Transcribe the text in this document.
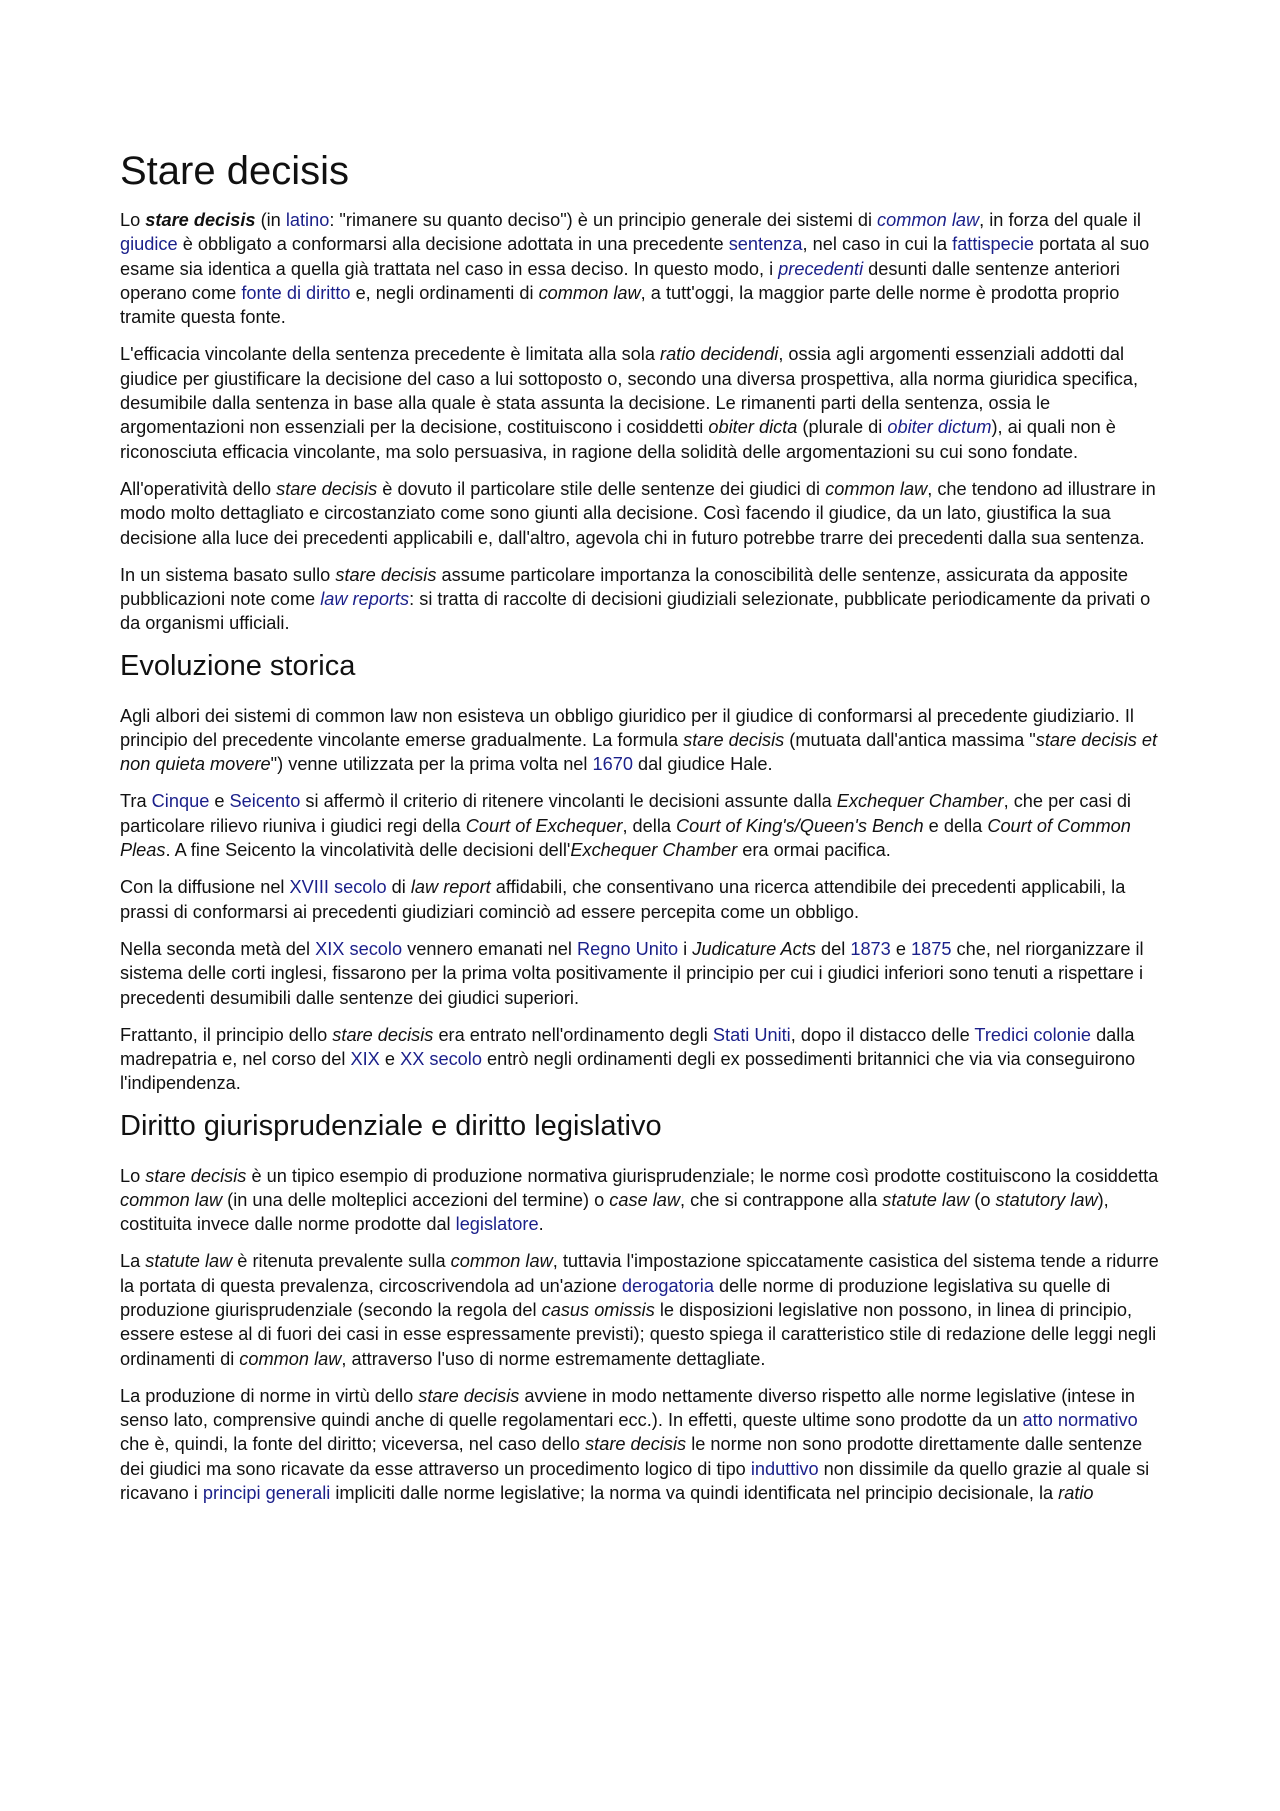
Stare decisis

Lo stare decisis (in latino: "rimanere su quanto deciso") è un principio generale dei sistemi di common law, in forza del quale il giudice è obbligato a conformarsi alla decisione adottata in una precedente sentenza, nel caso in cui la fattispecie portata al suo esame sia identica a quella già trattata nel caso in essa deciso. In questo modo, i precedenti desunti dalle sentenze anteriori operano come fonte di diritto e, negli ordinamenti di common law, a tutt'oggi, la maggior parte delle norme è prodotta proprio tramite questa fonte.

L'efficacia vincolante della sentenza precedente è limitata alla sola ratio decidendi, ossia agli argomenti essenziali addotti dal giudice per giustificare la decisione del caso a lui sottoposto o, secondo una diversa prospettiva, alla norma giuridica specifica, desumibile dalla sentenza in base alla quale è stata assunta la decisione. Le rimanenti parti della sentenza, ossia le argomentazioni non essenziali per la decisione, costituiscono i cosiddetti obiter dicta (plurale di obiter dictum), ai quali non è riconosciuta efficacia vincolante, ma solo persuasiva, in ragione della solidità delle argomentazioni su cui sono fondate.

All'operatività dello stare decisis è dovuto il particolare stile delle sentenze dei giudici di common law, che tendono ad illustrare in modo molto dettagliato e circostanziato come sono giunti alla decisione. Così facendo il giudice, da un lato, giustifica la sua decisione alla luce dei precedenti applicabili e, dall'altro, agevola chi in futuro potrebbe trarre dei precedenti dalla sua sentenza.

In un sistema basato sullo stare decisis assume particolare importanza la conoscibilità delle sentenze, assicurata da apposite pubblicazioni note come law reports: si tratta di raccolte di decisioni giudiziali selezionate, pubblicate periodicamente da privati o da organismi ufficiali.

Evoluzione storica

Agli albori dei sistemi di common law non esisteva un obbligo giuridico per il giudice di conformarsi al precedente giudiziario. Il principio del precedente vincolante emerse gradualmente. La formula stare decisis (mutuata dall'antica massima "stare decisis et non quieta movere") venne utilizzata per la prima volta nel 1670 dal giudice Hale.

Tra Cinque e Seicento si affermò il criterio di ritenere vincolanti le decisioni assunte dalla Exchequer Chamber, che per casi di particolare rilievo riuniva i giudici regi della Court of Exchequer, della Court of King's/Queen's Bench e della Court of Common Pleas. A fine Seicento la vincolatività delle decisioni dell'Exchequer Chamber era ormai pacifica.

Con la diffusione nel XVIII secolo di law report affidabili, che consentivano una ricerca attendibile dei precedenti applicabili, la prassi di conformarsi ai precedenti giudiziari cominciò ad essere percepita come un obbligo.

Nella seconda metà del XIX secolo vennero emanati nel Regno Unito i Judicature Acts del 1873 e 1875 che, nel riorganizzare il sistema delle corti inglesi, fissarono per la prima volta positivamente il principio per cui i giudici inferiori sono tenuti a rispettare i precedenti desumibili dalle sentenze dei giudici superiori.

Frattanto, il principio dello stare decisis era entrato nell'ordinamento degli Stati Uniti, dopo il distacco delle Tredici colonie dalla madrepatria e, nel corso del XIX e XX secolo entrò negli ordinamenti degli ex possedimenti britannici che via via conseguirono l'indipendenza.

Diritto giurisprudenziale e diritto legislativo

Lo stare decisis è un tipico esempio di produzione normativa giurisprudenziale; le norme così prodotte costituiscono la cosiddetta common law (in una delle molteplici accezioni del termine) o case law, che si contrappone alla statute law (o statutory law), costituita invece dalle norme prodotte dal legislatore.

La statute law è ritenuta prevalente sulla common law, tuttavia l'impostazione spiccatamente casistica del sistema tende a ridurre la portata di questa prevalenza, circoscrivendola ad un'azione derogatoria delle norme di produzione legislativa su quelle di produzione giurisprudenziale (secondo la regola del casus omissis le disposizioni legislative non possono, in linea di principio, essere estese al di fuori dei casi in esse espressamente previsti); questo spiega il caratteristico stile di redazione delle leggi negli ordinamenti di common law, attraverso l'uso di norme estremamente dettagliate.

La produzione di norme in virtù dello stare decisis avviene in modo nettamente diverso rispetto alle norme legislative (intese in senso lato, comprensive quindi anche di quelle regolamentari ecc.). In effetti, queste ultime sono prodotte da un atto normativo che è, quindi, la fonte del diritto; viceversa, nel caso dello stare decisis le norme non sono prodotte direttamente dalle sentenze dei giudici ma sono ricavate da esse attraverso un procedimento logico di tipo induttivo non dissimile da quello grazie al quale si ricavano i principi generali impliciti dalle norme legislative; la norma va quindi identificata nel principio decisionale, la ratio
